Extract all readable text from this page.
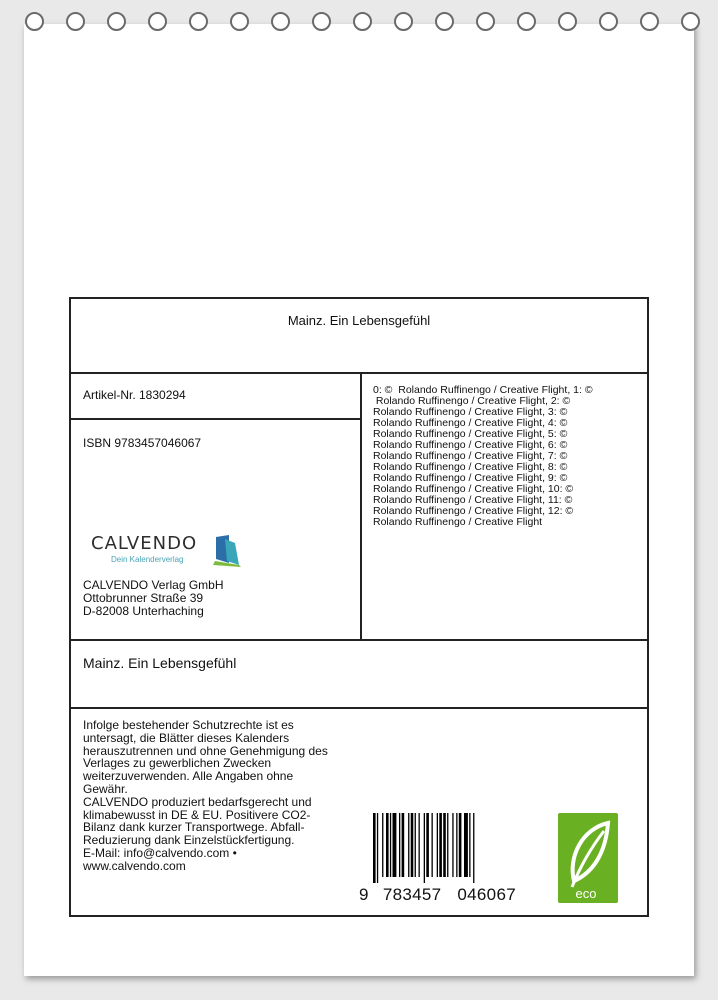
Mainz. Ein Lebensgefühl
Artikel-Nr. 1830294
ISBN 9783457046067
0: ©  Rolando Ruffinengo / Creative Flight, 1: ©
Rolando Ruffinengo / Creative Flight, 2: ©
Rolando Ruffinengo / Creative Flight, 3: ©
Rolando Ruffinengo / Creative Flight, 4: ©
Rolando Ruffinengo / Creative Flight, 5: ©
Rolando Ruffinengo / Creative Flight, 6: ©
Rolando Ruffinengo / Creative Flight, 7: ©
Rolando Ruffinengo / Creative Flight, 8: ©
Rolando Ruffinengo / Creative Flight, 9: ©
Rolando Ruffinengo / Creative Flight, 10: ©
Rolando Ruffinengo / Creative Flight, 11: ©
Rolando Ruffinengo / Creative Flight, 12: ©
Rolando Ruffinengo / Creative Flight
CALVENDO
Dein Kalenderverlag
CALVENDO Verlag GmbH
Ottobrunner Straße 39
D-82008 Unterhaching
Mainz. Ein Lebensgefühl
Infolge bestehender Schutzrechte ist es
untersagt, die Blätter dieses Kalenders
herauszutrennen und ohne Genehmigung des
Verlages zu gewerblichen Zwecken
weiterzuverwenden. Alle Angaben ohne
Gewähr.
CALVENDO produziert bedarfsgerecht und
klimabewusst in DE & EU. Positivere CO2-
Bilanz dank kurzer Transportwege. Abfall-
Reduzierung dank Einzelstückfertigung.
E-Mail: info@calvendo.com •
www.calvendo.com
9 783457 046067	eco
